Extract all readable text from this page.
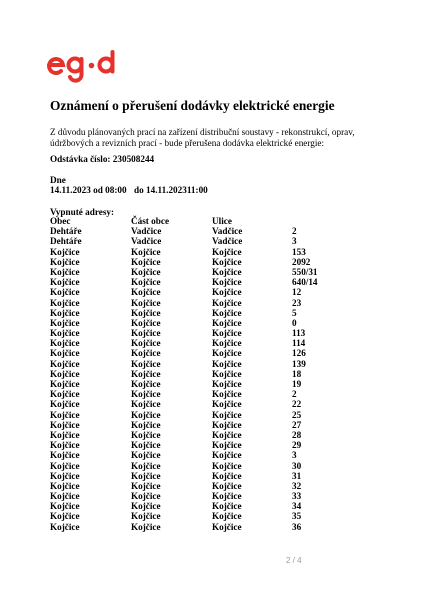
Oznámení o přerušení dodávky elektrické energie
Z důvodu plánovaných prací na zařízení distribuční soustavy - rekonstrukcí, oprav, údržbových a revizních prací - bude přerušena dodávka elektrické energie:
Odstávka číslo: 230508244
Dne
14.11.2023 od 08:00 do 14.11.202311:00
Vypnuté adresy:
Obec	Část obce	Ulice
Dehtáře	Vadčice	Vadčice	2
Dehtáře	Vadčice	Vadčice	3
Kojčice	Kojčice	Kojčice	153
Kojčice	Kojčice	Kojčice	2092
Kojčice	Kojčice	Kojčice	550/31
Kojčice	Kojčice	Kojčice	640/14
Kojčice	Kojčice	Kojčice	12
Kojčice	Kojčice	Kojčice	23
Kojčice	Kojčice	Kojčice	5
Kojčice	Kojčice	Kojčice	0
Kojčice	Kojčice	Kojčice	113
Kojčice	Kojčice	Kojčice	114
Kojčice	Kojčice	Kojčice	126
Kojčice	Kojčice	Kojčice	139
Kojčice	Kojčice	Kojčice	18
Kojčice	Kojčice	Kojčice	19
Kojčice	Kojčice	Kojčice	2
Kojčice	Kojčice	Kojčice	22
Kojčice	Kojčice	Kojčice	25
Kojčice	Kojčice	Kojčice	27
Kojčice	Kojčice	Kojčice	28
Kojčice	Kojčice	Kojčice	29
Kojčice	Kojčice	Kojčice	3
Kojčice	Kojčice	Kojčice	30
Kojčice	Kojčice	Kojčice	31
Kojčice	Kojčice	Kojčice	32
Kojčice	Kojčice	Kojčice	33
Kojčice	Kojčice	Kojčice	34
Kojčice	Kojčice	Kojčice	35
Kojčice	Kojčice	Kojčice	36
2 / 4
